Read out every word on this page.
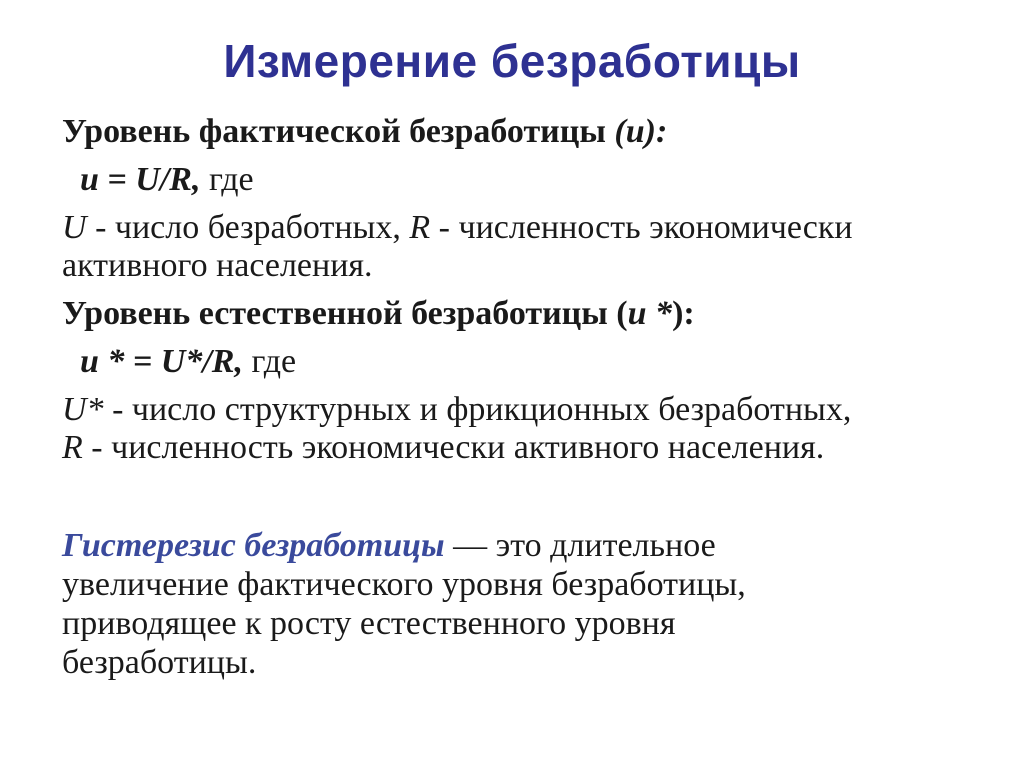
Измерение безработицы
Уровень фактической безработицы (u):
u = U/R, где
U - число безработных, R - численность экономически
активного населения.
Уровень естественной безработицы (u *):
u * = U*/R, где
U* - число структурных и фрикционных безработных,
R - численность экономически активного населения.
Гистерезис безработицы — это длительное
увеличение фактического уровня безработицы,
приводящее к росту естественного уровня
безработицы.
